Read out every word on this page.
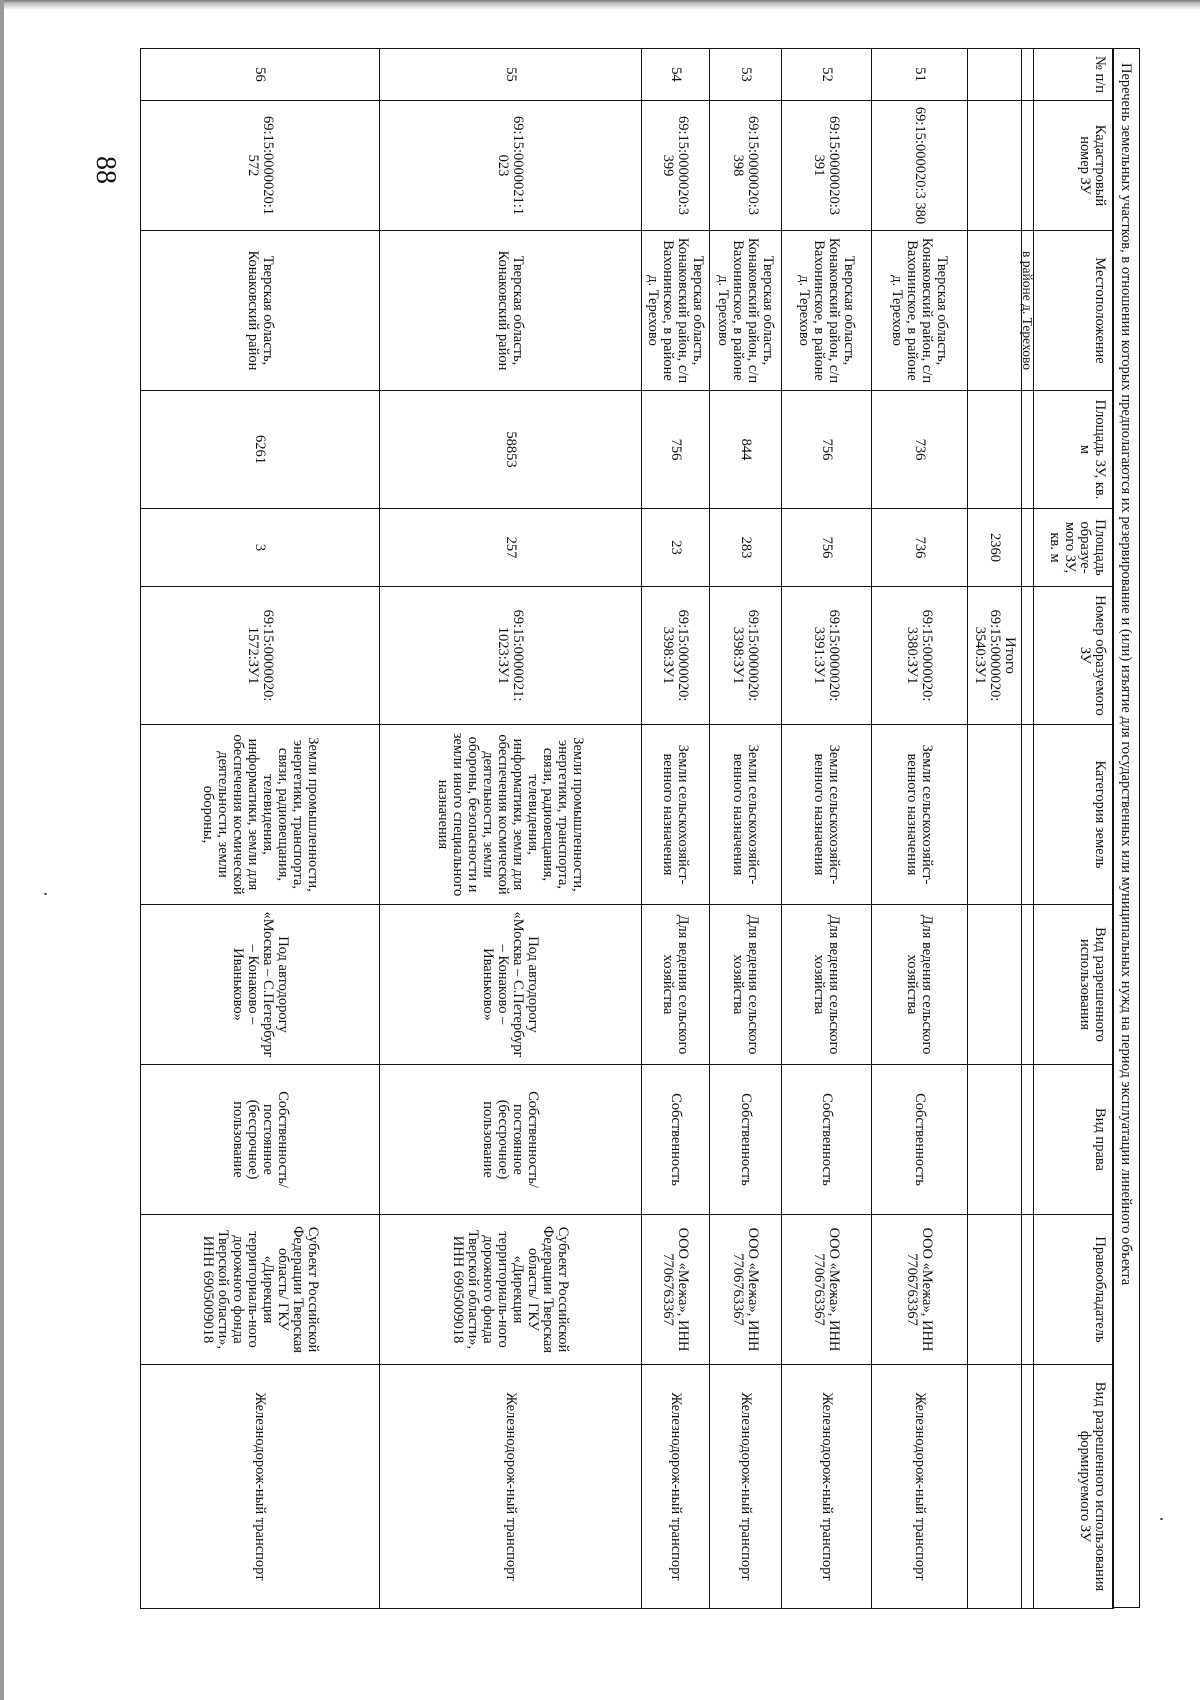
88	Перечень земельных участков, в отношении которых предполагаются их резервирование и (или) изъятие для государственных или муниципальных нужд на период эксплуатации линейного объекта
№ п/п	Кадастровый номер ЗУ	Местоположение	Площадь ЗУ, кв. м	Площадь образуе-мого ЗУ, кв. м	Номер образуемого ЗУ	Категория земель	Вид разрешенного использования	Вид права	Правообладатель	Вид разрешенного использования формируемого ЗУ
		в районе д. Терехово								
				2360	Итого 69:15:0000020: 3540:ЗУ1					
51	69:15:000020:3 380	Тверская область, Конаковский район, с/п Вахонинское, в районе д. Терехово	736	736	69:15:0000020: 3380:ЗУ1	Земли сельскохозяйст-венного назначения	Для ведения сельского хозяйства	Собственность	ООО «Межа», ИНН 7706763367	Железнодорож-ный транспорт
52	69:15:0000020:3 391	Тверская область, Конаковский район, с/п Вахонинское, в районе д. Терехово	756	756	69:15:0000020: 3391:ЗУ1	Земли сельскохозяйст-венного назначения	Для ведения сельского хозяйства	Собственность	ООО «Межа», ИНН 7706763367	Железнодорож-ный транспорт
53	69:15:0000020:3 398	Тверская область, Конаковский район, с/п Вахонинское, в районе д. Терехово	844	283	69:15:0000020: 3398:ЗУ1	Земли сельскохозяйст-венного назначения	Для ведения сельского хозяйства	Собственность	ООО «Межа», ИНН 7706763367	Железнодорож-ный транспорт
54	69:15:0000020:3 399	Тверская область, Конаковский район, с/п Вахонинское, в районе д. Терехово	756	23	69:15:0000020: 3398:ЗУ1	Земли сельскохозяйст-венного назначения	Для ведения сельского хозяйства	Собственность	ООО «Межа», ИНН 7706763367	Железнодорож-ный транспорт
55	69:15:0000021:1 023	Тверская область, Конаковский район	58853	257	69:15:0000021: 1023:ЗУ1	Земли промышленности, энергетики, транспорта, связи, радиовещания, телевидения, информатики, земли для обеспечения космической деятельности, земли обороны, безопасности и земли иного специального назначения	Под автодорогу «Москва – С.Петербург – Конаково – Иваньково»	Собственность/ постоянное (бессрочное) пользование	Субъект Российской Федерации Тверская область/ ГКУ «Дирекция территориаль-ного дорожного фонда Тверской области», ИНН 6905009018	Железнодорож-ный транспорт
56	69:15:0000020:1 572	Тверская область, Конаковский район	6261	3	69:15:0000020: 1572:ЗУ1	Земли промышленности, энергетики, транспорта, связи, радиовещания, телевидения, информатики, земли для обеспечения космической деятельности, земли обороны,	Под автодорогу «Москва – С.Петербург – Конаково – Иваньково»	Собственность/ постоянное (бессрочное) пользование	Субъект Российской Федерации Тверская область/ ГКУ «Дирекция территориаль-ного дорожного фонда Тверской области», ИНН 6905009018	Железнодорож-ный транспорт
